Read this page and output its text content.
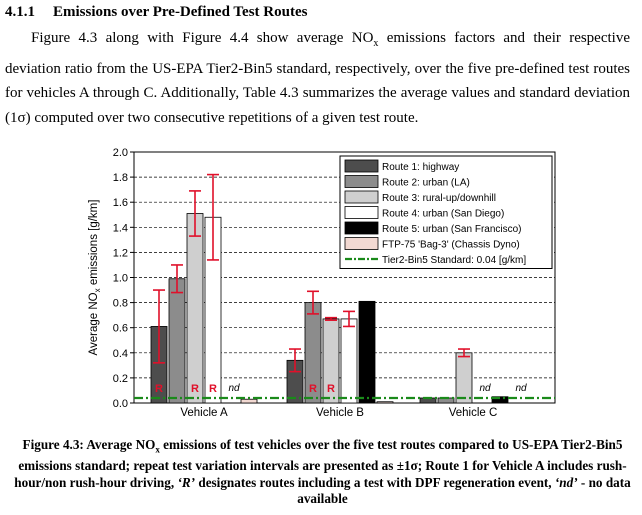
4.1.1 Emissions over Pre-Defined Test Routes
Figure 4.3 along with Figure 4.4 show average $NO_x$ emissions factors and their respective deviation ratio from the US-EPA Tier2-Bin5 standard, respectively, over the five pre-defined test routes for vehicles A through C. Additionally, Table 4.3 summarizes the average values and standard deviation (1σ) computed over two consecutive repetitions of a given test route.
0.0
0.2
0.4
0.6
0.8
1.0
1.2
1.4
1.6
1.8
2.0
Average $NO_x$ emissions [g/km]
R	R R nd	R R	nd nd
Vehicle A	Vehicle B	Vehicle C
Route 1: highway
Route 2: urban (LA)
Route 3: rural-up/downhill
Route 4: urban (San Diego)
Route 5: urban (San Francisco)
FTP-75 'Bag-3' (Chassis Dyno)
Tier2-Bin5 Standard: 0.04 [g/km]
Figure 4.3: Average $NO_x$ emissions of test vehicles over the five test routes compared to US-EPA Tier2-Bin5 emissions standard; repeat test variation intervals are presented as ±1σ; Route 1 for Vehicle A includes rush-hour/non rush-hour driving, ‘R’ designates routes including a test with DPF regeneration event, ‘nd’ - no data available
